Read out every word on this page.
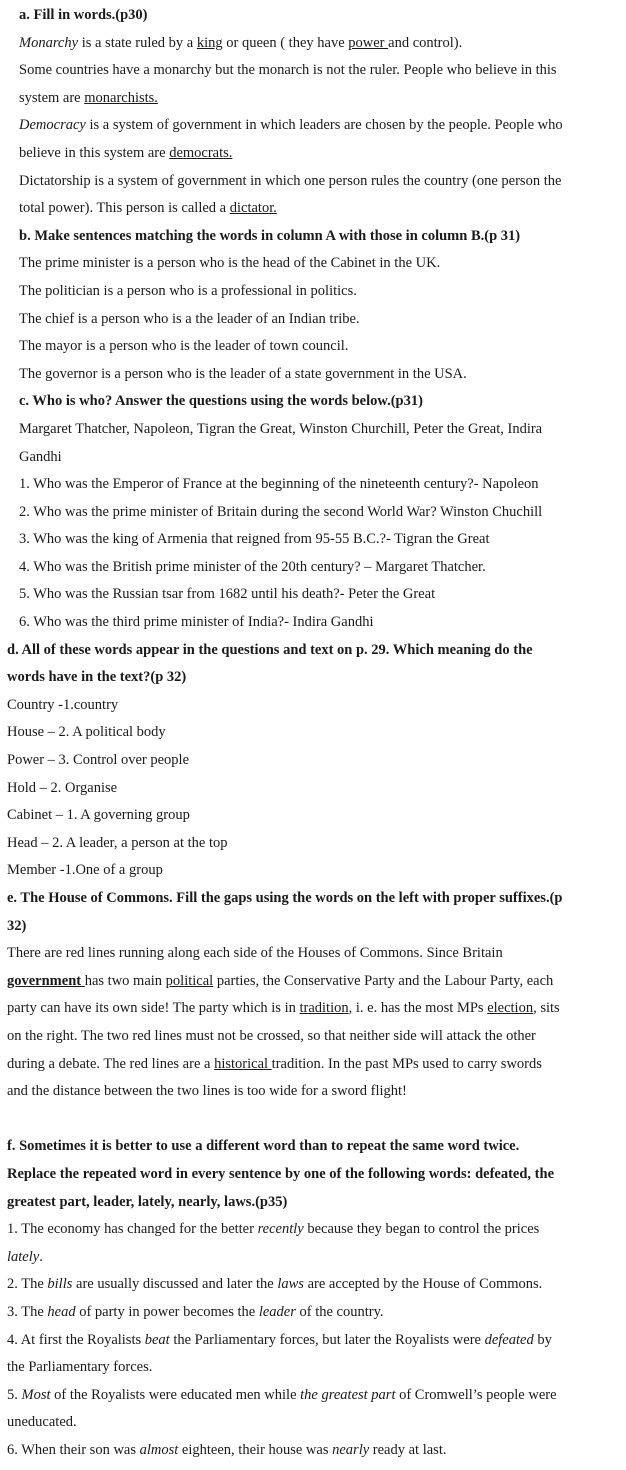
a. Fill in words.(p30)
Monarchy is a state ruled by a king or queen ( they have power and control).
Some countries have a monarchy but the monarch is not the ruler. People who believe in this
system are monarchists.
Democracy is a system of government in which leaders are chosen by the people. People who
believe in this system are democrats.
Dictatorship is a system of government in which one person rules the country (one person the
total power). This person is called a dictator.
b. Make sentences matching the words in column A with those in column B.(p 31)
The prime minister is a person who is the head of the Cabinet in the UK.
The politician is a person who is a professional in politics.
The chief is a person who is a the leader of an Indian tribe.
The mayor is a person who is the leader of town council.
The governor is a person who is the leader of a state government in the USA.
c. Who is who? Answer the questions using the words below.(p31)
Margaret Thatcher, Napoleon, Tigran the Great, Winston Churchill, Peter the Great, Indira
Gandhi
1. Who was the Emperor of France at the beginning of the nineteenth century?- Napoleon
2. Who was the prime minister of Britain during the second World War? Winston Chuchill
3. Who was the king of Armenia that reigned from 95-55 B.C.?- Tigran the Great
4. Who was the British prime minister of the 20th century? – Margaret Thatcher.
5. Who was the Russian tsar from 1682 until his death?- Peter the Great
6. Who was the third prime minister of India?- Indira Gandhi
d. All of these words appear in the questions and text on p. 29. Which meaning do the
words have in the text?(p 32)
Country -1.country
House – 2. A political body
Power – 3. Control over people
Hold – 2. Organise
Cabinet – 1. A governing group
Head – 2. A leader, a person at the top
Member -1.One of a group
e. The House of Commons. Fill the gaps using the words on the left with proper suffixes.(p
32)
There are red lines running along each side of the Houses of Commons. Since Britain
government has two main political parties, the Conservative Party and the Labour Party, each
party can have its own side! The party which is in tradition, i. e. has the most MPs election, sits
on the right. The two red lines must not be crossed, so that neither side will attack the other
during a debate. The red lines are a historical tradition. In the past MPs used to carry swords
and the distance between the two lines is too wide for a sword flight!
f. Sometimes it is better to use a different word than to repeat the same word twice.
Replace the repeated word in every sentence by one of the following words: defeated, the
greatest part, leader, lately, nearly, laws.(p35)
1. The economy has changed for the better recently because they began to control the prices
lately.
2. The bills are usually discussed and later the laws are accepted by the House of Commons.
3. The head of party in power becomes the leader of the country.
4. At first the Royalists beat the Parliamentary forces, but later the Royalists were defeated by
the Parliamentary forces.
5. Most of the Royalists were educated men while the greatest part of Cromwell’s people were
uneducated.
6. When their son was almost eighteen, their house was nearly ready at last.
